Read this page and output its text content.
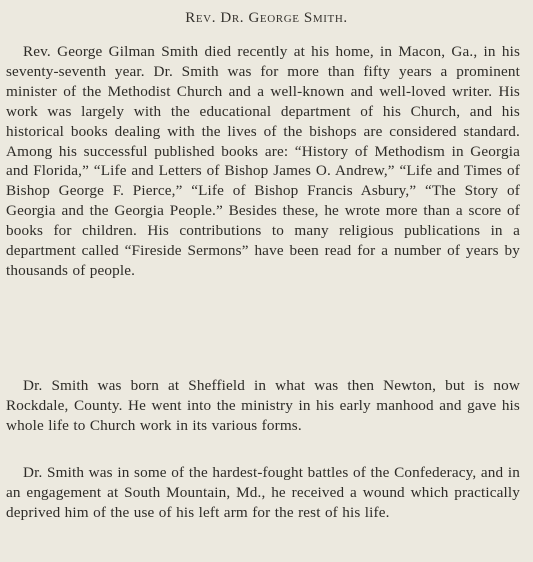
Rev. Dr. George Smith.

Rev. George Gilman Smith died recently at his home, in Macon, Ga., in his seventy-seventh year. Dr. Smith was for more than fifty years a prominent minister of the Methodist Church and a well-known and well-loved writer. His work was largely with the educational department of his Church, and his historical books dealing with the lives of the bishops are considered standard. Among his successful published books are: “History of Methodism in Georgia and Florida,” “Life and Letters of Bishop James O. Andrew,” “Life and Times of Bishop George F. Pierce,” “Life of Bishop Francis Asbury,” “The Story of Georgia and the Georgia People.” Besides these, he wrote more than a score of books for children. His contributions to many religious publications in a department called “Fireside Sermons” have been read for a number of years by thousands of people.

Dr. Smith was born at Sheffield in what was then Newton, but is now Rockdale, County. He went into the ministry in his early manhood and gave his whole life to Church work in its various forms.

Dr. Smith was in some of the hardest-fought battles of the Confederacy, and in an engagement at South Mountain, Md., he received a wound which practically deprived him of the use of his left arm for the rest of his life.
